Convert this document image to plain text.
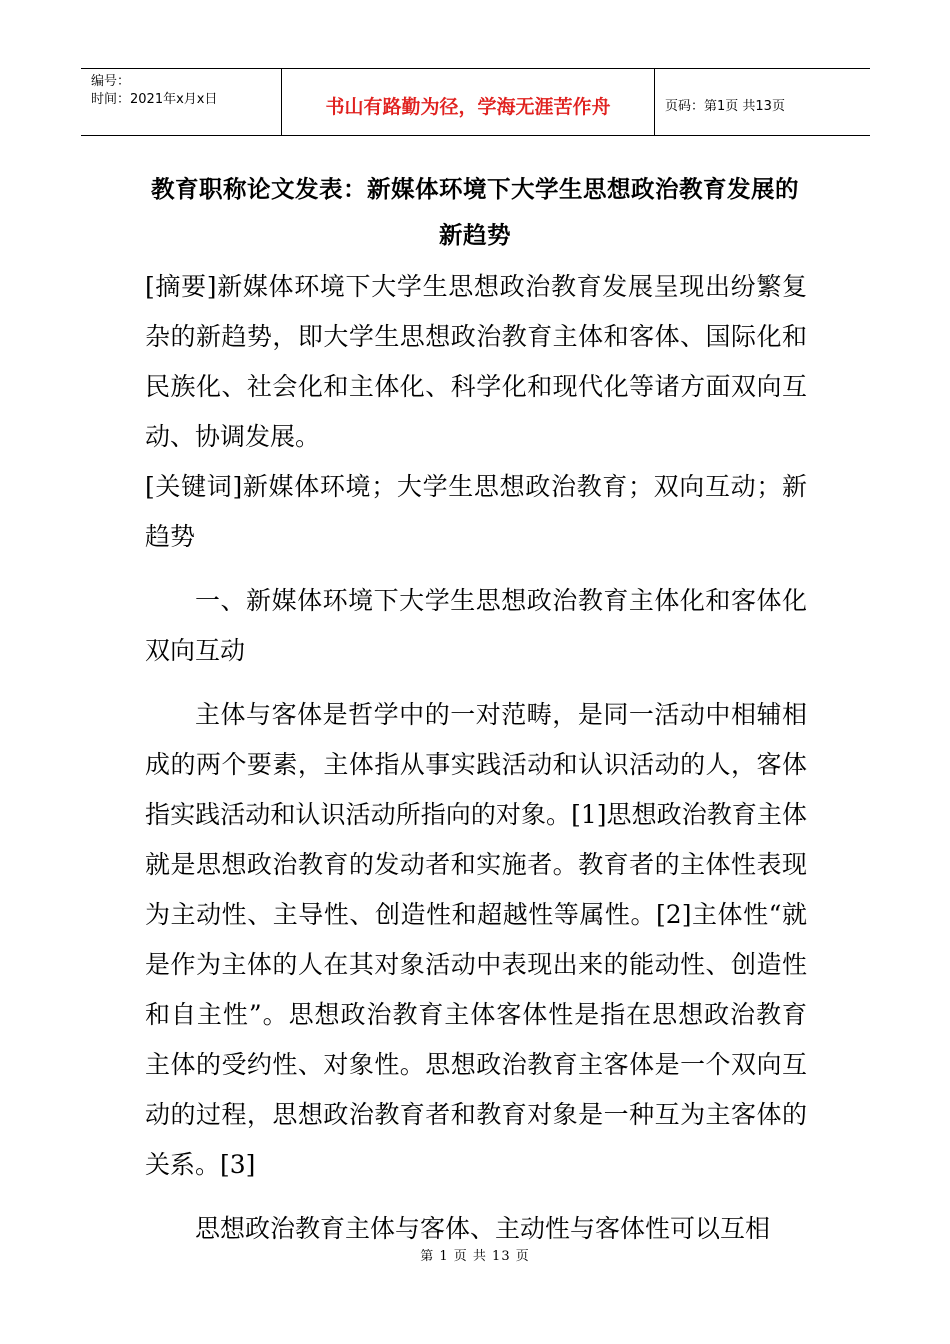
编号：
时间：2021年x月x日	书山有路勤为径，学海无涯苦作舟	页码：第1页 共13页
教育职称论文发表：新媒体环境下大学生思想政治教育发展的新趋势

[摘要]新媒体环境下大学生思想政治教育发展呈现出纷繁复杂的新趋势，即大学生思想政治教育主体和客体、国际化和民族化、社会化和主体化、科学化和现代化等诸方面双向互动、协调发展。

[关键词]新媒体环境；大学生思想政治教育；双向互动；新趋势

一、新媒体环境下大学生思想政治教育主体化和客体化双向互动

主体与客体是哲学中的一对范畴，是同一活动中相辅相成的两个要素，主体指从事实践活动和认识活动的人，客体指实践活动和认识活动所指向的对象。[1]思想政治教育主体就是思想政治教育的发动者和实施者。教育者的主体性表现为主动性、主导性、创造性和超越性等属性。[2]主体性“就是作为主体的人在其对象活动中表现出来的能动性、创造性和自主性”。思想政治教育主体客体性是指在思想政治教育主体的受约性、对象性。思想政治教育主客体是一个双向互动的过程，思想政治教育者和教育对象是一种互为主客体的关系。[3]

思想政治教育主体与客体、主动性与客体性可以互相

第 1 页 共 13 页
